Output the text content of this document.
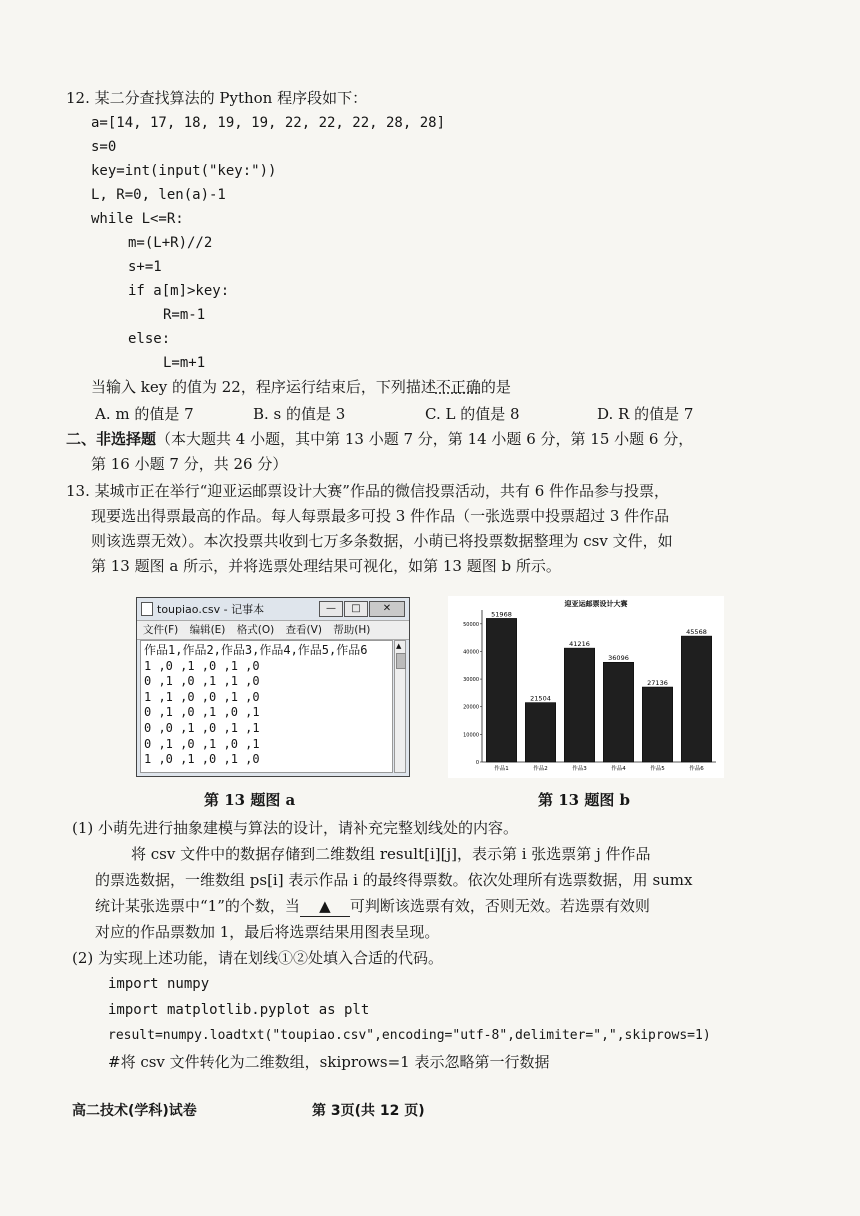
12. 某二分查找算法的 Python 程序段如下：
a=[14, 17, 18, 19, 19, 22, 22, 22, 28, 28]
s=0
key=int(input("key:"))
L, R=0, len(a)-1
while L<=R:
m=(L+R)//2
s+=1
if a[m]>key:
R=m-1
else:
L=m+1
当输入 key 的值为 22，程序运行结束后，下列描述不正确的是
A. m 的值是 7	B. s 的值是 3	C. L 的值是 8	D. R 的值是 7
二、非选择题（本大题共 4 小题，其中第 13 小题 7 分，第 14 小题 6 分，第 15 小题 6 分，
第 16 小题 7 分，共 26 分）
13. 某城市正在举行“迎亚运邮票设计大赛”作品的微信投票活动，共有 6 件作品参与投票，
现要选出得票最高的作品。每人每票最多可投 3 件作品（一张选票中投票超过 3 件作品
则该选票无效）。本次投票共收到七万多条数据，小萌已将投票数据整理为 csv 文件，如
第 13 题图 a 所示，并将选票处理结果可视化，如第 13 题图 b 所示。
toupiao.csv - 记事本	—	□	✕
文件(F) 编辑(E) 格式(O) 查看(V) 帮助(H)
作品1,作品2,作品3,作品4,作品5,作品6
1 ,0 ,1 ,0 ,1 ,0
0 ,1 ,0 ,1 ,1 ,0
1 ,1 ,0 ,0 ,1 ,0
0 ,1 ,0 ,1 ,0 ,1
0 ,0 ,1 ,0 ,1 ,1
0 ,1 ,0 ,1 ,0 ,1
1 ,0 ,1 ,0 ,1 ,0
▲
迎亚运邮票设计大赛
0
10000
20000
30000
40000
50000
51968
作品1
21504
作品2
41216
作品3
36096
作品4
27136
作品5
45568
作品6
第 13 题图 a	第 13 题图 b
(1) 小萌先进行抽象建模与算法的设计，请补充完整划线处的内容。
将 csv 文件中的数据存储到二维数组 result[i][j]，表示第 i 张选票第 j 件作品
的票选数据，一维数组 ps[i] 表示作品 i 的最终得票数。依次处理所有选票数据，用 sumx
统计某张选票中“1”的个数，当 ▲ 可判断该选票有效，否则无效。若选票有效则
对应的作品票数加 1，最后将选票结果用图表呈现。
(2) 为实现上述功能，请在划线①②处填入合适的代码。
import numpy
import matplotlib.pyplot as plt
result=numpy.loadtxt("toupiao.csv",encoding="utf-8",delimiter=",",skiprows=1)
#将 csv 文件转化为二维数组，skiprows=1 表示忽略第一行数据
高二技术(学科)试卷	第 3页(共 12 页)
